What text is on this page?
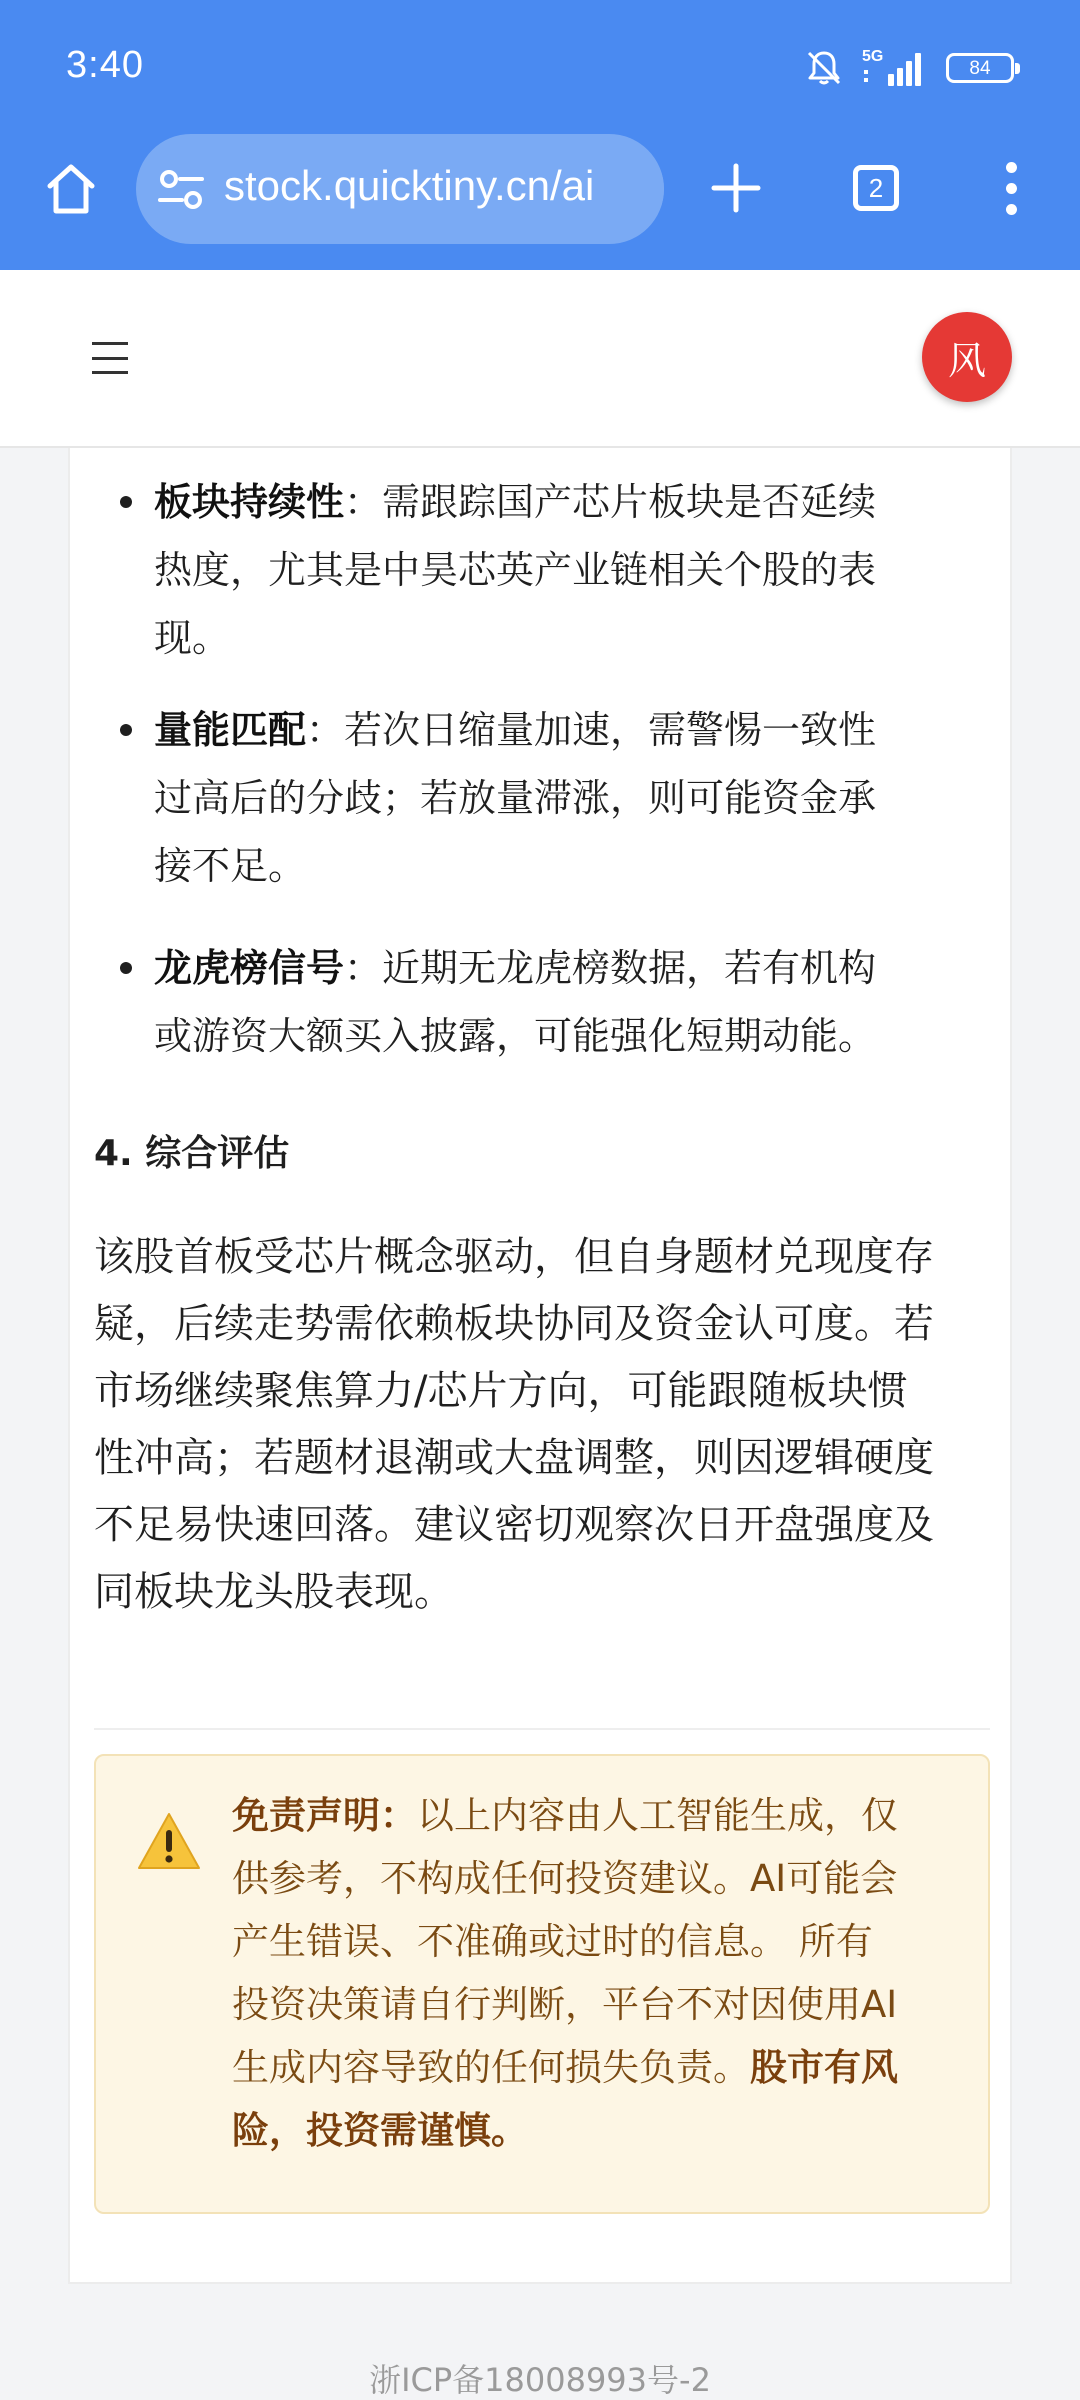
3:40	5G
84
stock.quicktiny.cn/ai	2
风
板块持续性：需跟踪国产芯片板块是否延续
热度，尤其是中昊芯英产业链相关个股的表
现。
量能匹配：若次日缩量加速，需警惕一致性
过高后的分歧；若放量滞涨，则可能资金承
接不足。
龙虎榜信号：近期无龙虎榜数据，若有机构
或游资大额买入披露，可能强化短期动能。
4. 综合评估

该股首板受芯片概念驱动，但自身题材兑现度存
疑，后续走势需依赖板块协同及资金认可度。若
市场继续聚焦算力/芯片方向，可能跟随板块惯
性冲高；若题材退潮或大盘调整，则因逻辑硬度
不足易快速回落。建议密切观察次日开盘强度及
同板块龙头股表现。

免责声明：以上内容由人工智能生成，仅
供参考，不构成任何投资建议。AI可能会
产生错误、不准确或过时的信息。 所有
投资决策请自行判断，平台不对因使用AI
生成内容导致的任何损失负责。股市有风
险，投资需谨慎。

浙ICP备18008993号-2
